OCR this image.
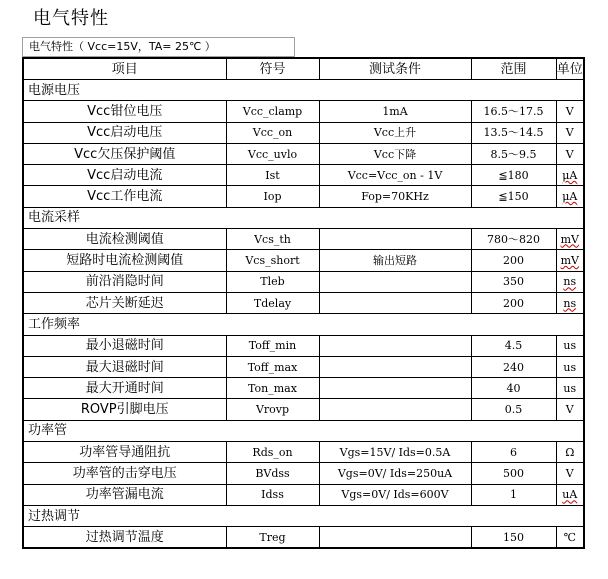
电气特性
电气特性（ Vcc=15V，TA= 25℃ ）
项目	符号	测试条件	范围	单位
电源电压				
Vcc钳位电压	Vcc_clamp	1mA	16.5～17.5	V
Vcc启动电压	Vcc_on	Vcc上升	13.5～14.5	V
Vcc欠压保护阈值	Vcc_uvlo	Vcc下降	8.5～9.5	V
Vcc启动电流	Ist	Vcc=Vcc_on - 1V	≦180	μA
Vcc工作电流	Iop	Fop=70KHz	≦150	μA
电流采样				
电流检测阈值	Vcs_th		780～820	mV
短路时电流检测阈值	Vcs_short	输出短路	200	mV
前沿消隐时间	Tleb		350	ns
芯片关断延迟	Tdelay		200	ns
工作频率				
最小退磁时间	Toff_min		4.5	us
最大退磁时间	Toff_max		240	us
最大开通时间	Ton_max		40	us
ROVP引脚电压	Vrovp		0.5	V
功率管				
功率管导通阻抗	Rds_on	Vgs=15V/ Ids=0.5A	6	Ω
功率管的击穿电压	BVdss	Vgs=0V/ Ids=250uA	500	V
功率管漏电流	Idss	Vgs=0V/ Ids=600V	1	uA
过热调节				
过热调节温度	Treg		150	℃
